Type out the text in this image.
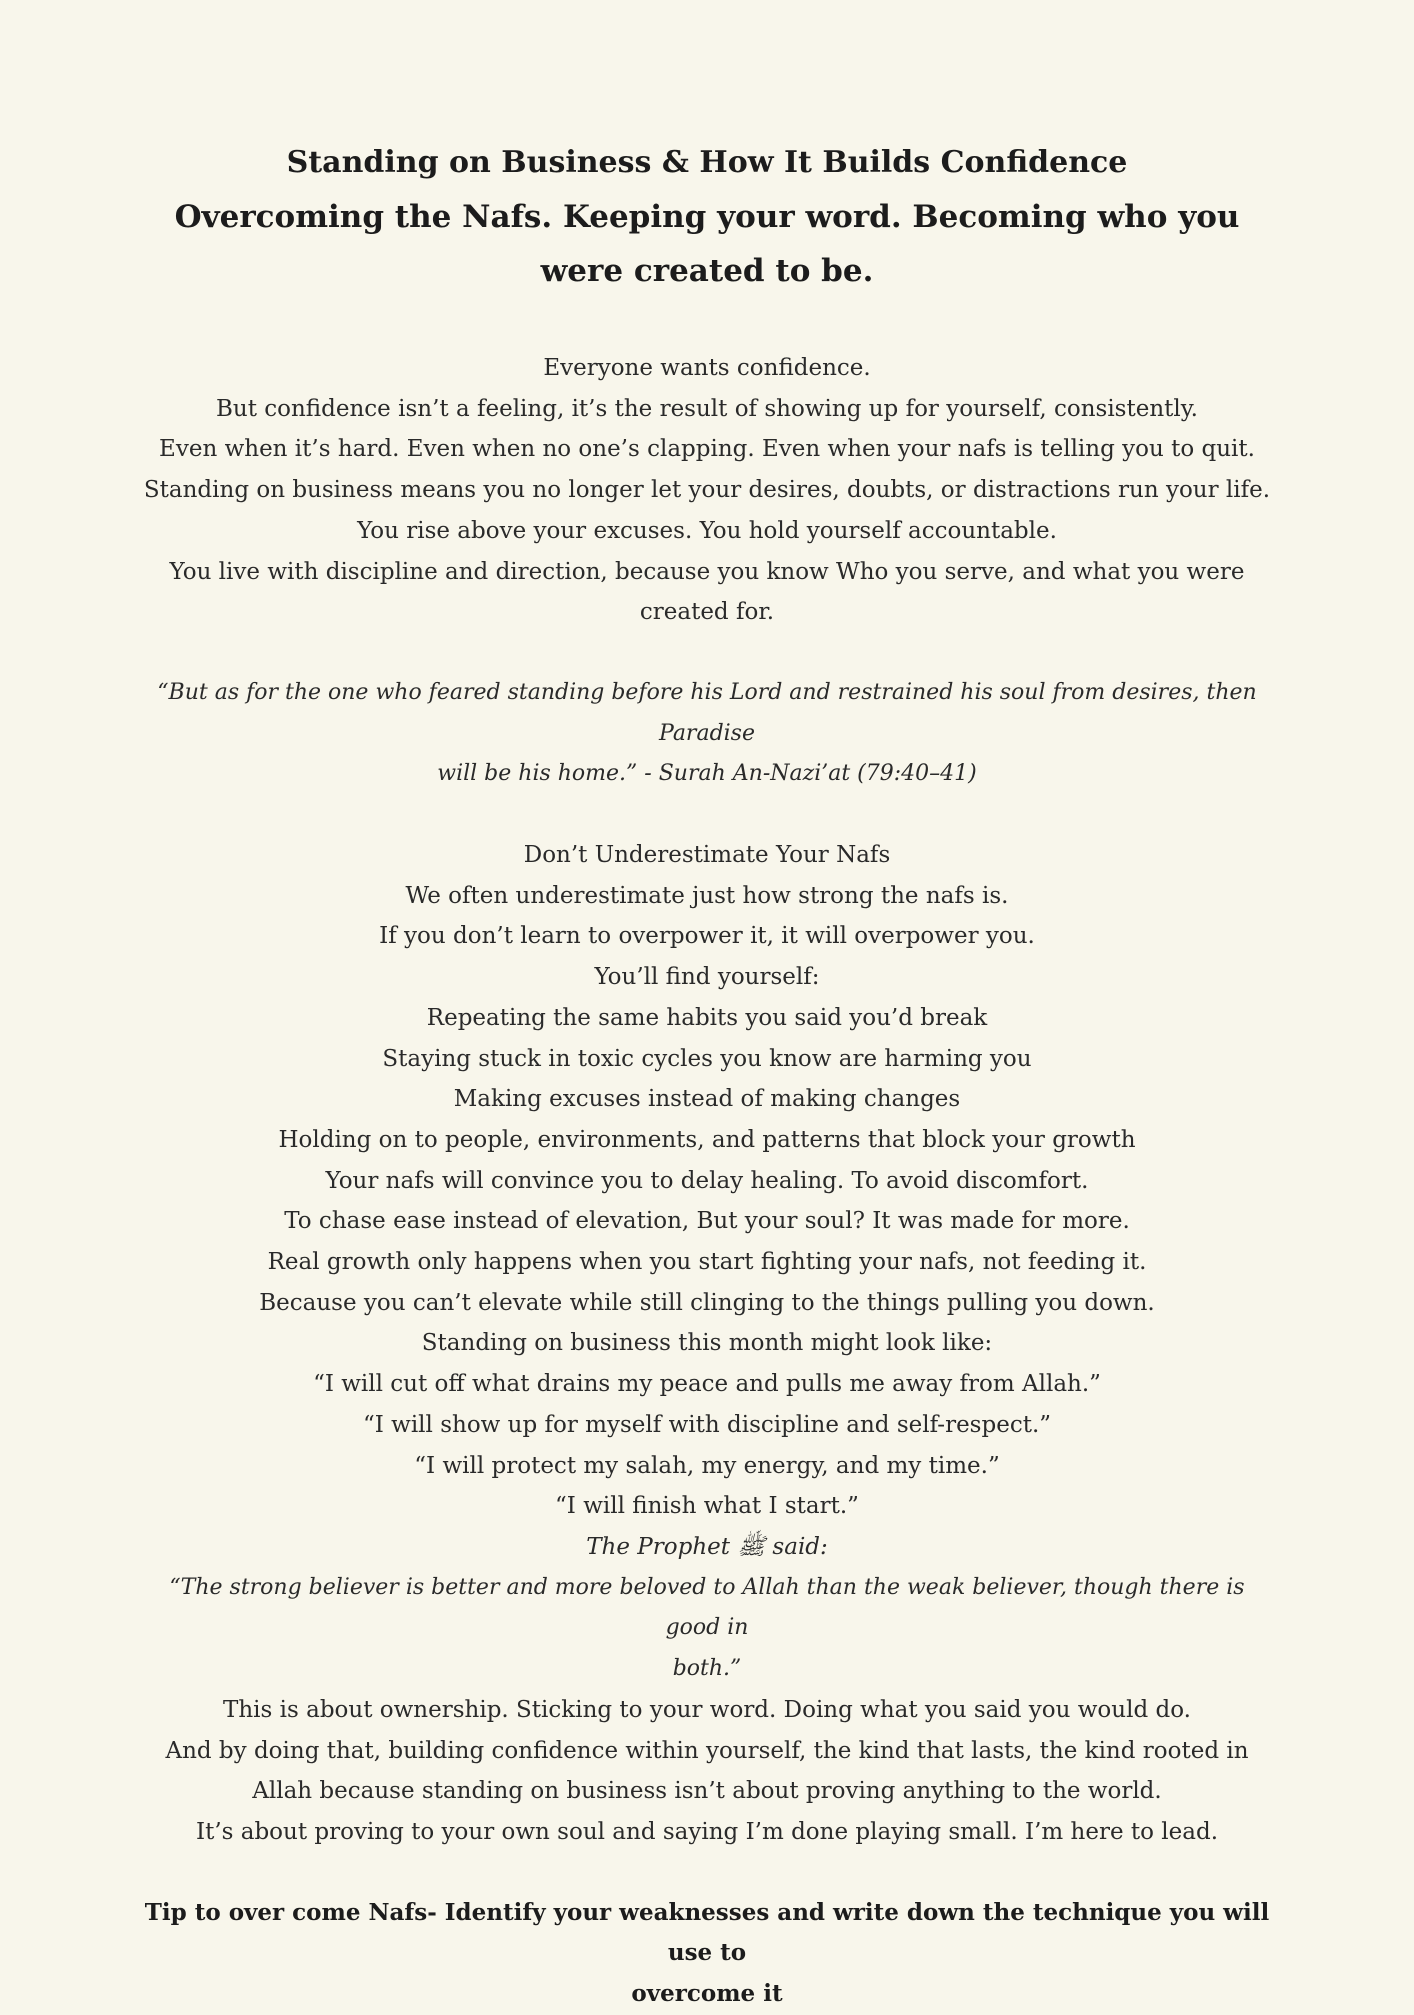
Standing on Business & How It Builds Confidence

Overcoming the Nafs. Keeping your word. Becoming who you were created to be.

Everyone wants confidence.
But confidence isn’t a feeling, it’s the result of showing up for yourself, consistently.
Even when it’s hard. Even when no one’s clapping. Even when your nafs is telling you to quit.
Standing on business means you no longer let your desires, doubts, or distractions run your life.
You rise above your excuses. You hold yourself accountable.
You live with discipline and direction, because you know Who you serve, and what you were
created for.
“But as for the one who feared standing before his Lord and restrained his soul from desires, then Paradise
will be his home.” - Surah An-Nazi’at (79:40–41)
Don’t Underestimate Your Nafs
We often underestimate just how strong the nafs is.
If you don’t learn to overpower it, it will overpower you.
You’ll find yourself:
Repeating the same habits you said you’d break
Staying stuck in toxic cycles you know are harming you
Making excuses instead of making changes
Holding on to people, environments, and patterns that block your growth
Your nafs will convince you to delay healing. To avoid discomfort.
To chase ease instead of elevation, But your soul? It was made for more.
Real growth only happens when you start fighting your nafs, not feeding it.
Because you can’t elevate while still clinging to the things pulling you down.
Standing on business this month might look like:
“I will cut off what drains my peace and pulls me away from Allah.”
“I will show up for myself with discipline and self-respect.”
“I will protect my salah, my energy, and my time.”
“I will finish what I start.”
The Prophet ﷺ said:
“The strong believer is better and more beloved to Allah than the weak believer, though there is good in
both.”
This is about ownership. Sticking to your word. Doing what you said you would do.
And by doing that, building confidence within yourself, the kind that lasts, the kind rooted in
Allah because standing on business isn’t about proving anything to the world.
It’s about proving to your own soul and saying I’m done playing small. I’m here to lead.
Tip to over come Nafs- Identify your weaknesses and write down the technique you will use to
overcome it
